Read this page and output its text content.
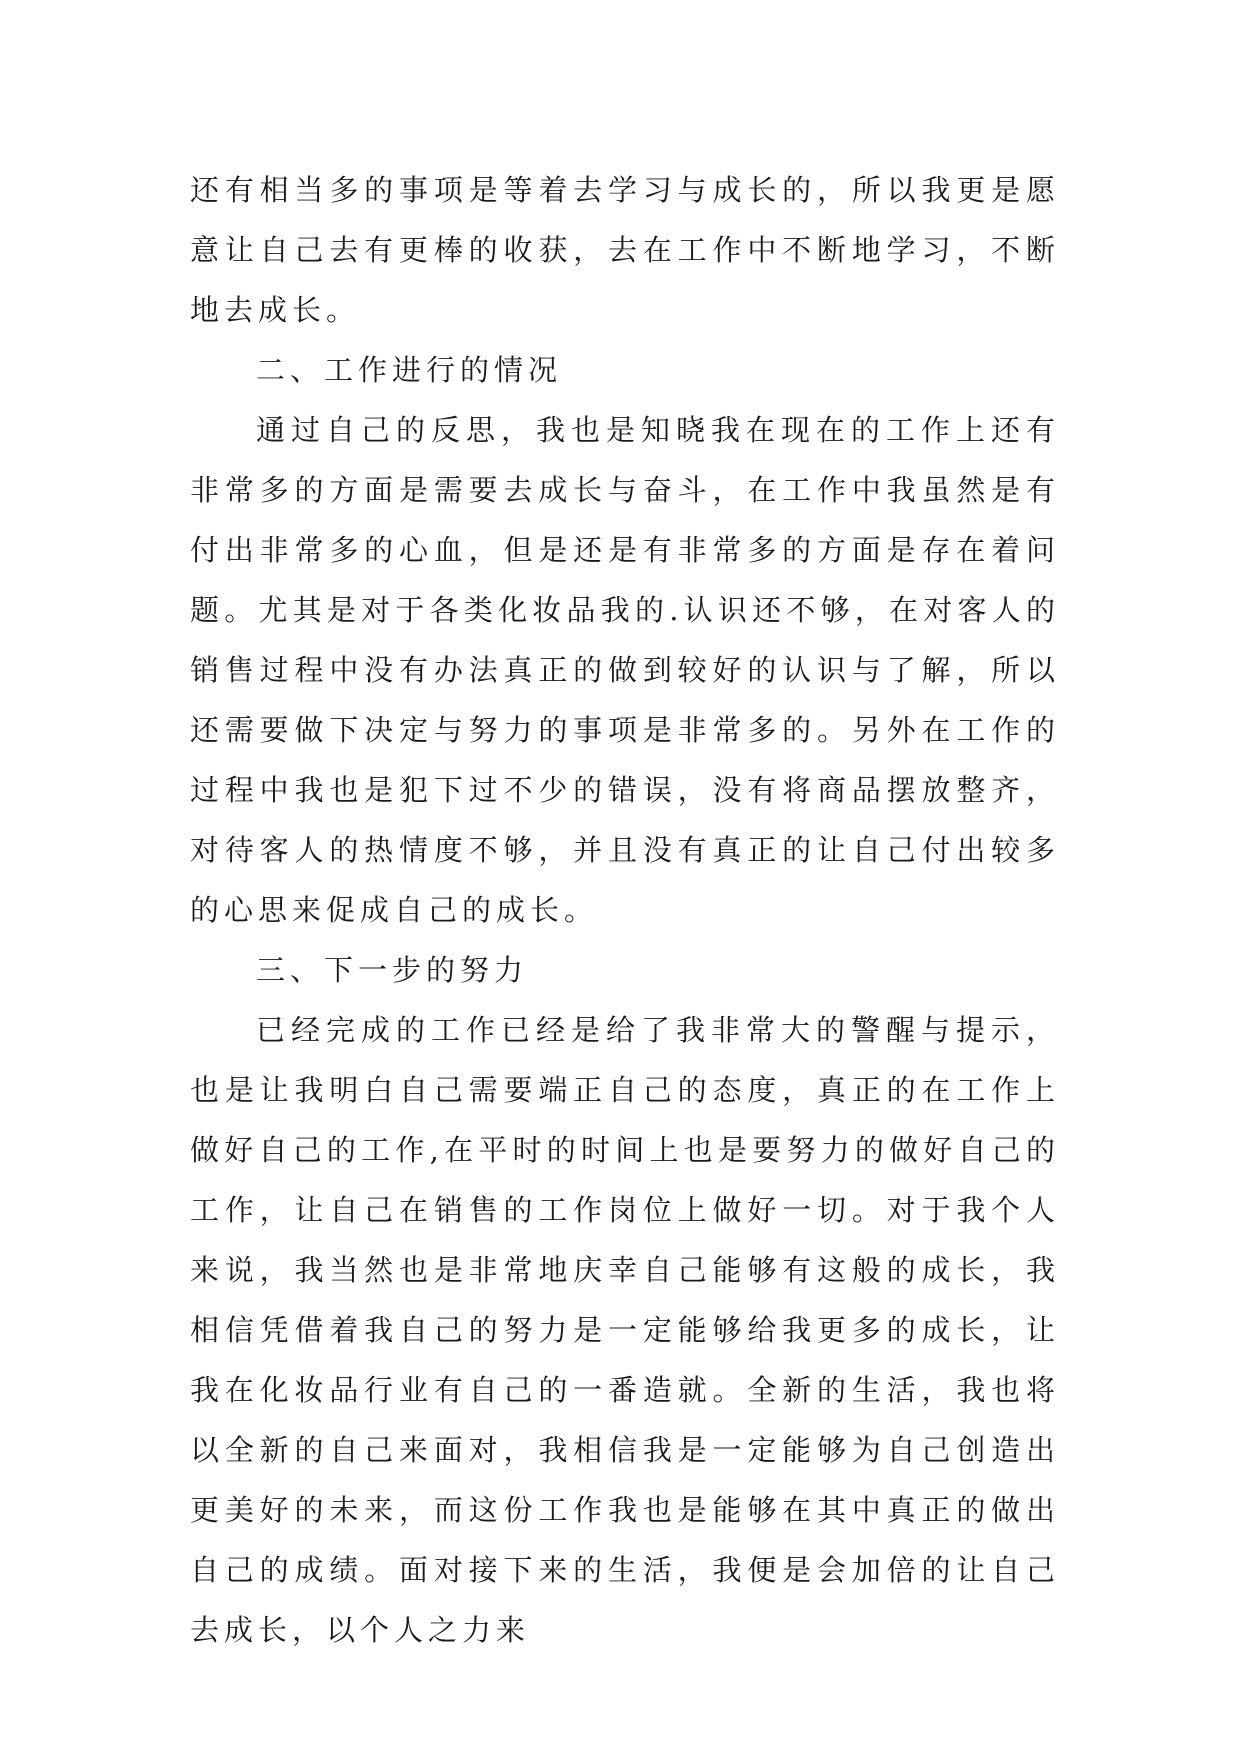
还有相当多的事项是等着去学习与成长的，所以我更是愿意让自己去有更棒的收获，去在工作中不断地学习，不断地去成长。

二、工作进行的情况

通过自己的反思，我也是知晓我在现在的工作上还有非常多的方面是需要去成长与奋斗，在工作中我虽然是有付出非常多的心血，但是还是有非常多的方面是存在着问题。尤其是对于各类化妆品我的.认识还不够，在对客人的销售过程中没有办法真正的做到较好的认识与了解，所以还需要做下决定与努力的事项是非常多的。另外在工作的过程中我也是犯下过不少的错误，没有将商品摆放整齐，对待客人的热情度不够，并且没有真正的让自己付出较多的心思来促成自己的成长。

三、下一步的努力

已经完成的工作已经是给了我非常大的警醒与提示，也是让我明白自己需要端正自己的态度，真正的在工作上做好自己的工作,在平时的时间上也是要努力的做好自己的工作，让自己在销售的工作岗位上做好一切。对于我个人来说，我当然也是非常地庆幸自己能够有这般的成长，我相信凭借着我自己的努力是一定能够给我更多的成长，让我在化妆品行业有自己的一番造就。全新的生活，我也将以全新的自己来面对，我相信我是一定能够为自己创造出更美好的未来，而这份工作我也是能够在其中真正的做出自己的成绩。面对接下来的生活，我便是会加倍的让自己去成长，以个人之力来
